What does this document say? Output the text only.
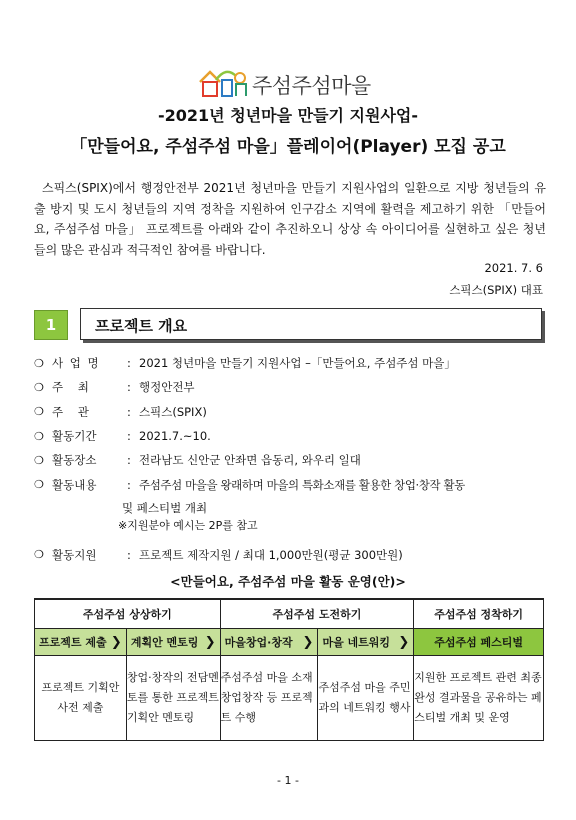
주섬주섬마을
-2021년 청년마을 만들기 지원사업-
「만들어요, 주섬주섬 마을」플레이어(Player) 모집 공고
스픽스(SPIX)에서 행정안전부 2021년 청년마을 만들기 지원사업의 일환으로 지방 청년들의 유출 방지 및 도시 청년들의 지역 정착을 지원하여 인구감소 지역에 활력을 제고하기 위한 「만들어요, 주섬주섬 마을」 프로젝트를 아래와 같이 추진하오니 상상 속 아이디어를 실현하고 싶은 청년들의 많은 관심과 적극적인 참여를 바랍니다.
2021. 7. 6
스픽스(SPIX) 대표
1	프로젝트 개요
❍ 사 업 명	: 2021 청년마을 만들기 지원사업 –「만들어요, 주섬주섬 마을」
❍ 주    최	: 행정안전부
❍ 주    관	: 스픽스(SPIX)
❍ 활동기간	: 2021.7.~10.
❍ 활동장소	: 전라남도 신안군 안좌면 읍동리, 와우리 일대
❍ 활동내용	: 주섬주섬 마을을 왕래하며 마을의 특화소재를 활용한 창업·창작 활동
및 페스티벌 개최
❍ 활동지원	: 프로젝트 제작지원 / 최대 1,000만원(평균 300만원)
※지원분야 예시는 2P를 참고
<만들어요, 주섬주섬 마을 활동 운영(안)>
주섬주섬 상상하기		주섬주섬 도전하기		주섬주섬 정착하기

프로젝트 제출 ❯	계획안 멘토링 ❯	마을창업·창작 ❯	마을 네트워킹 ❯	주섬주섬 페스티벌

프로젝트 기획안 사전 제출	창업·창작의 전담멘토를 통한 프로젝트 기획안 멘토링	주섬주섬 마을 소재 창업창작 등 프로젝트 수행	주섬주섬 마을 주민과의 네트워킹 행사	지원한 프로젝트 관련 최종 완성 결과물을 공유하는 페스티벌 개최 및 운영
- 1 -
